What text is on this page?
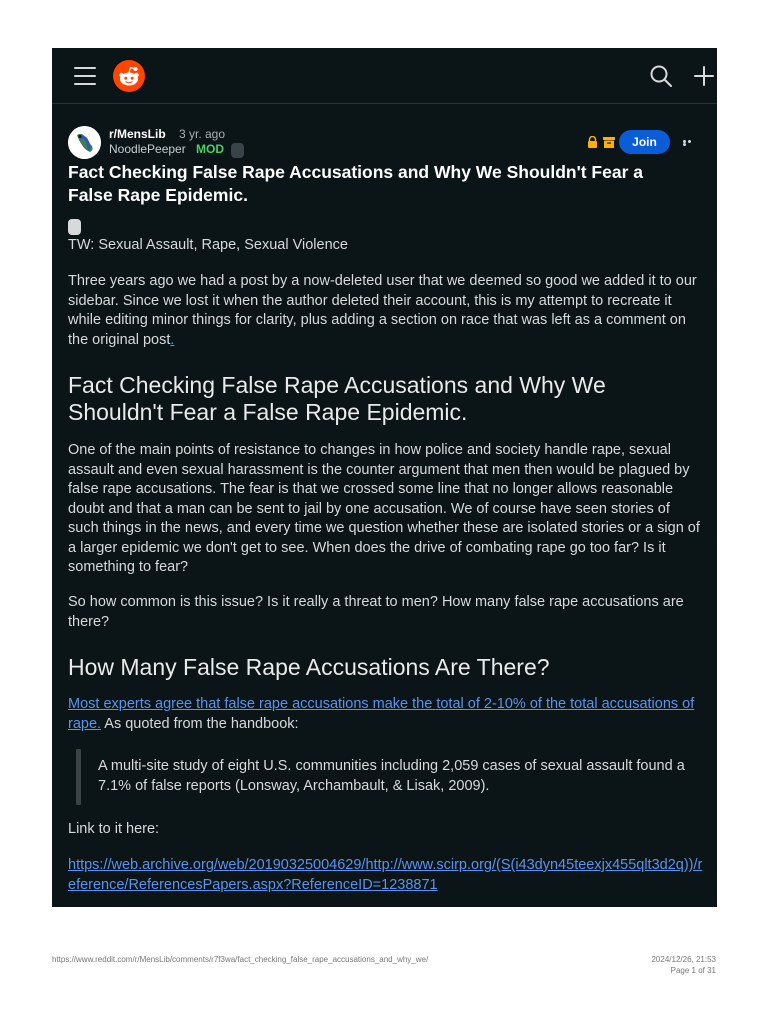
r/MensLib 3 yr. ago
NoodlePeeper MOD	Join
Fact Checking False Rape Accusations and Why We Shouldn't Fear a False Rape Epidemic.
TW: Sexual Assault, Rape, Sexual Violence
Three years ago we had a post by a now-deleted user that we deemed so good we added it to our sidebar. Since we lost it when the author deleted their account, this is my attempt to recreate it while editing minor things for clarity, plus adding a section on race that was left as a comment on the original post.
Fact Checking False Rape Accusations and Why We Shouldn't Fear a False Rape Epidemic.
One of the main points of resistance to changes in how police and society handle rape, sexual assault and even sexual harassment is the counter argument that men then would be plagued by false rape accusations. The fear is that we crossed some line that no longer allows reasonable doubt and that a man can be sent to jail by one accusation. We of course have seen stories of such things in the news, and every time we question whether these are isolated stories or a sign of a larger epidemic we don't get to see. When does the drive of combating rape go too far? Is it something to fear?
So how common is this issue? Is it really a threat to men? How many false rape accusations are there?
How Many False Rape Accusations Are There?
Most experts agree that false rape accusations make the total of 2-10% of the total accusations of rape. As quoted from the handbook:
A multi-site study of eight U.S. communities including 2,059 cases of sexual assault found a 7.1% of false reports (Lonsway, Archambault, & Lisak, 2009).
Link to it here:
https://web.archive.org/web/20190325004629/http://www.scirp.org/(S(i43dyn45teexjx455qlt3d2q))/reference/ReferencesPapers.aspx?ReferenceID=1238871
https://www.reddit.com/r/MensLib/comments/r7f3wa/fact_checking_false_rape_accusations_and_why_we/	2024/12/26, 21:53
Page 1 of 31
